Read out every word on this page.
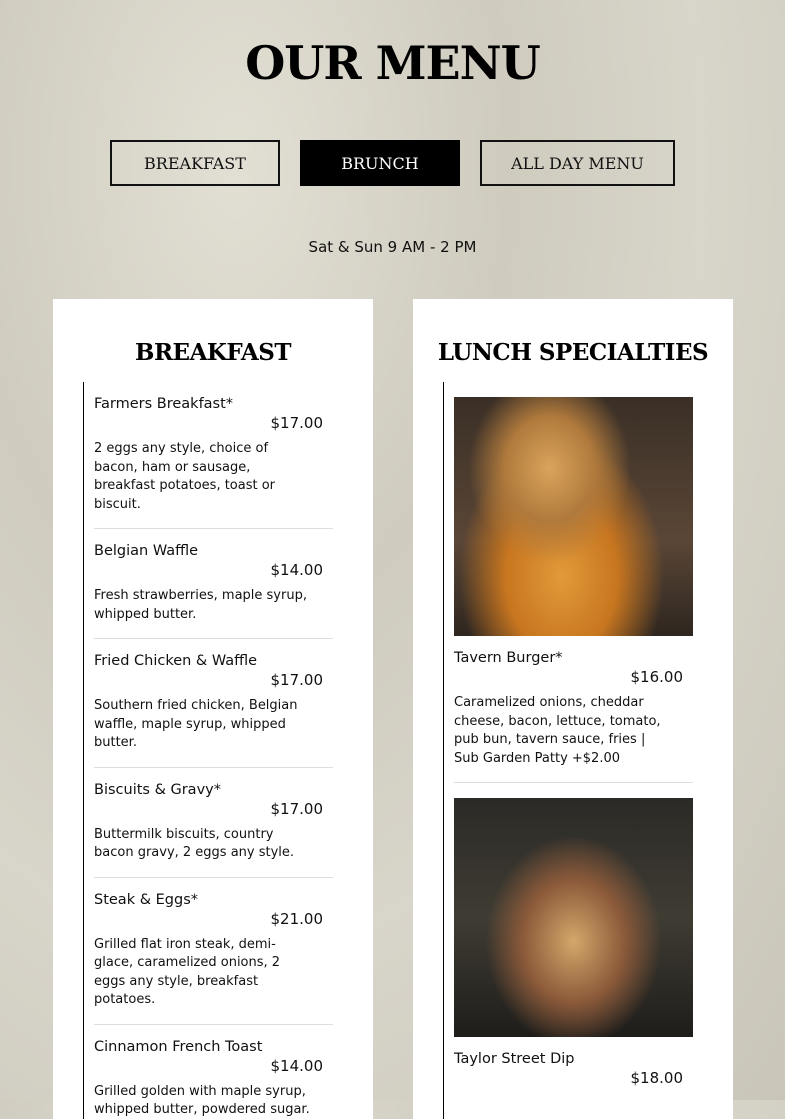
OUR MENU
BREAKFAST	BRUNCH	ALL DAY MENU
Sat & Sun 9 AM - 2 PM
BREAKFAST
Farmers Breakfast*
$17.00
2 eggs any style, choice of bacon, ham or sausage, breakfast potatoes, toast or biscuit.
Belgian Waffle
$14.00
Fresh strawberries, maple syrup, whipped butter.
Fried Chicken & Waffle
$17.00
Southern fried chicken, Belgian waffle, maple syrup, whipped butter.
Biscuits & Gravy*
$17.00
Buttermilk biscuits, country bacon gravy, 2 eggs any style.
Steak & Eggs*
$21.00
Grilled flat iron steak, demi-glace, caramelized onions, 2 eggs any style, breakfast potatoes.
Cinnamon French Toast
$14.00
Grilled golden with maple syrup, whipped butter, powdered sugar.
LUNCH SPECIALTIES
Tavern Burger*
$16.00
Caramelized onions, cheddar cheese, bacon, lettuce, tomato, pub bun, tavern sauce, fries | Sub Garden Patty +$2.00
Taylor Street Dip
$18.00
